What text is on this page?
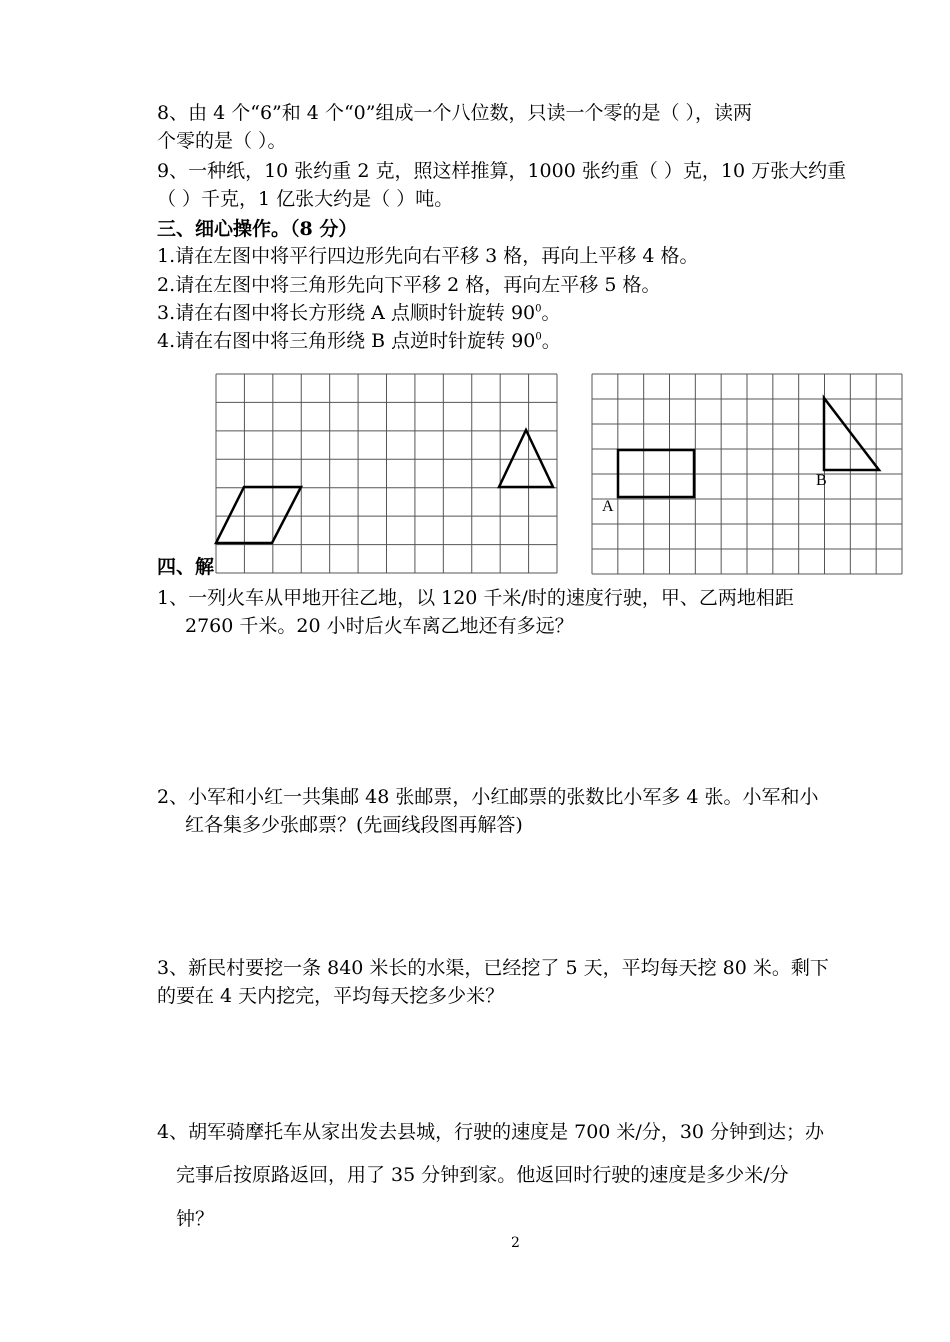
8、由 4 个“6”和 4 个“0”组成一个八位数，只读一个零的是（ ），读两
个零的是（ ）。
9、一种纸，10 张约重 2 克，照这样推算，1000 张约重（ ）克，10 万张大约重
（ ）千克，1 亿张大约是（ ）吨。
三、细心操作。（8 分）
1.请在左图中将平行四边形先向右平移 3 格，再向上平移 4 格。
2.请在左图中将三角形先向下平移 2 格，再向左平移 5 格。
3.请在右图中将长方形绕 A 点顺时针旋转 $90^0$。
4.请在右图中将三角形绕 B 点逆时针旋转 $90^0$。
四、解
A
B
1、一列火车从甲地开往乙地，以 120 千米/时的速度行驶，甲、乙两地相距
2760 千米。20 小时后火车离乙地还有多远？
2、小军和小红一共集邮 48 张邮票，小红邮票的张数比小军多 4 张。小军和小
红各集多少张邮票？(先画线段图再解答)
3、新民村要挖一条 840 米长的水渠，已经挖了 5 天，平均每天挖 80 米。剩下
的要在 4 天内挖完，平均每天挖多少米？
4、胡军骑摩托车从家出发去县城，行驶的速度是 700 米/分，30 分钟到达；办
完事后按原路返回，用了 35 分钟到家。他返回时行驶的速度是多少米/分
钟？
2
